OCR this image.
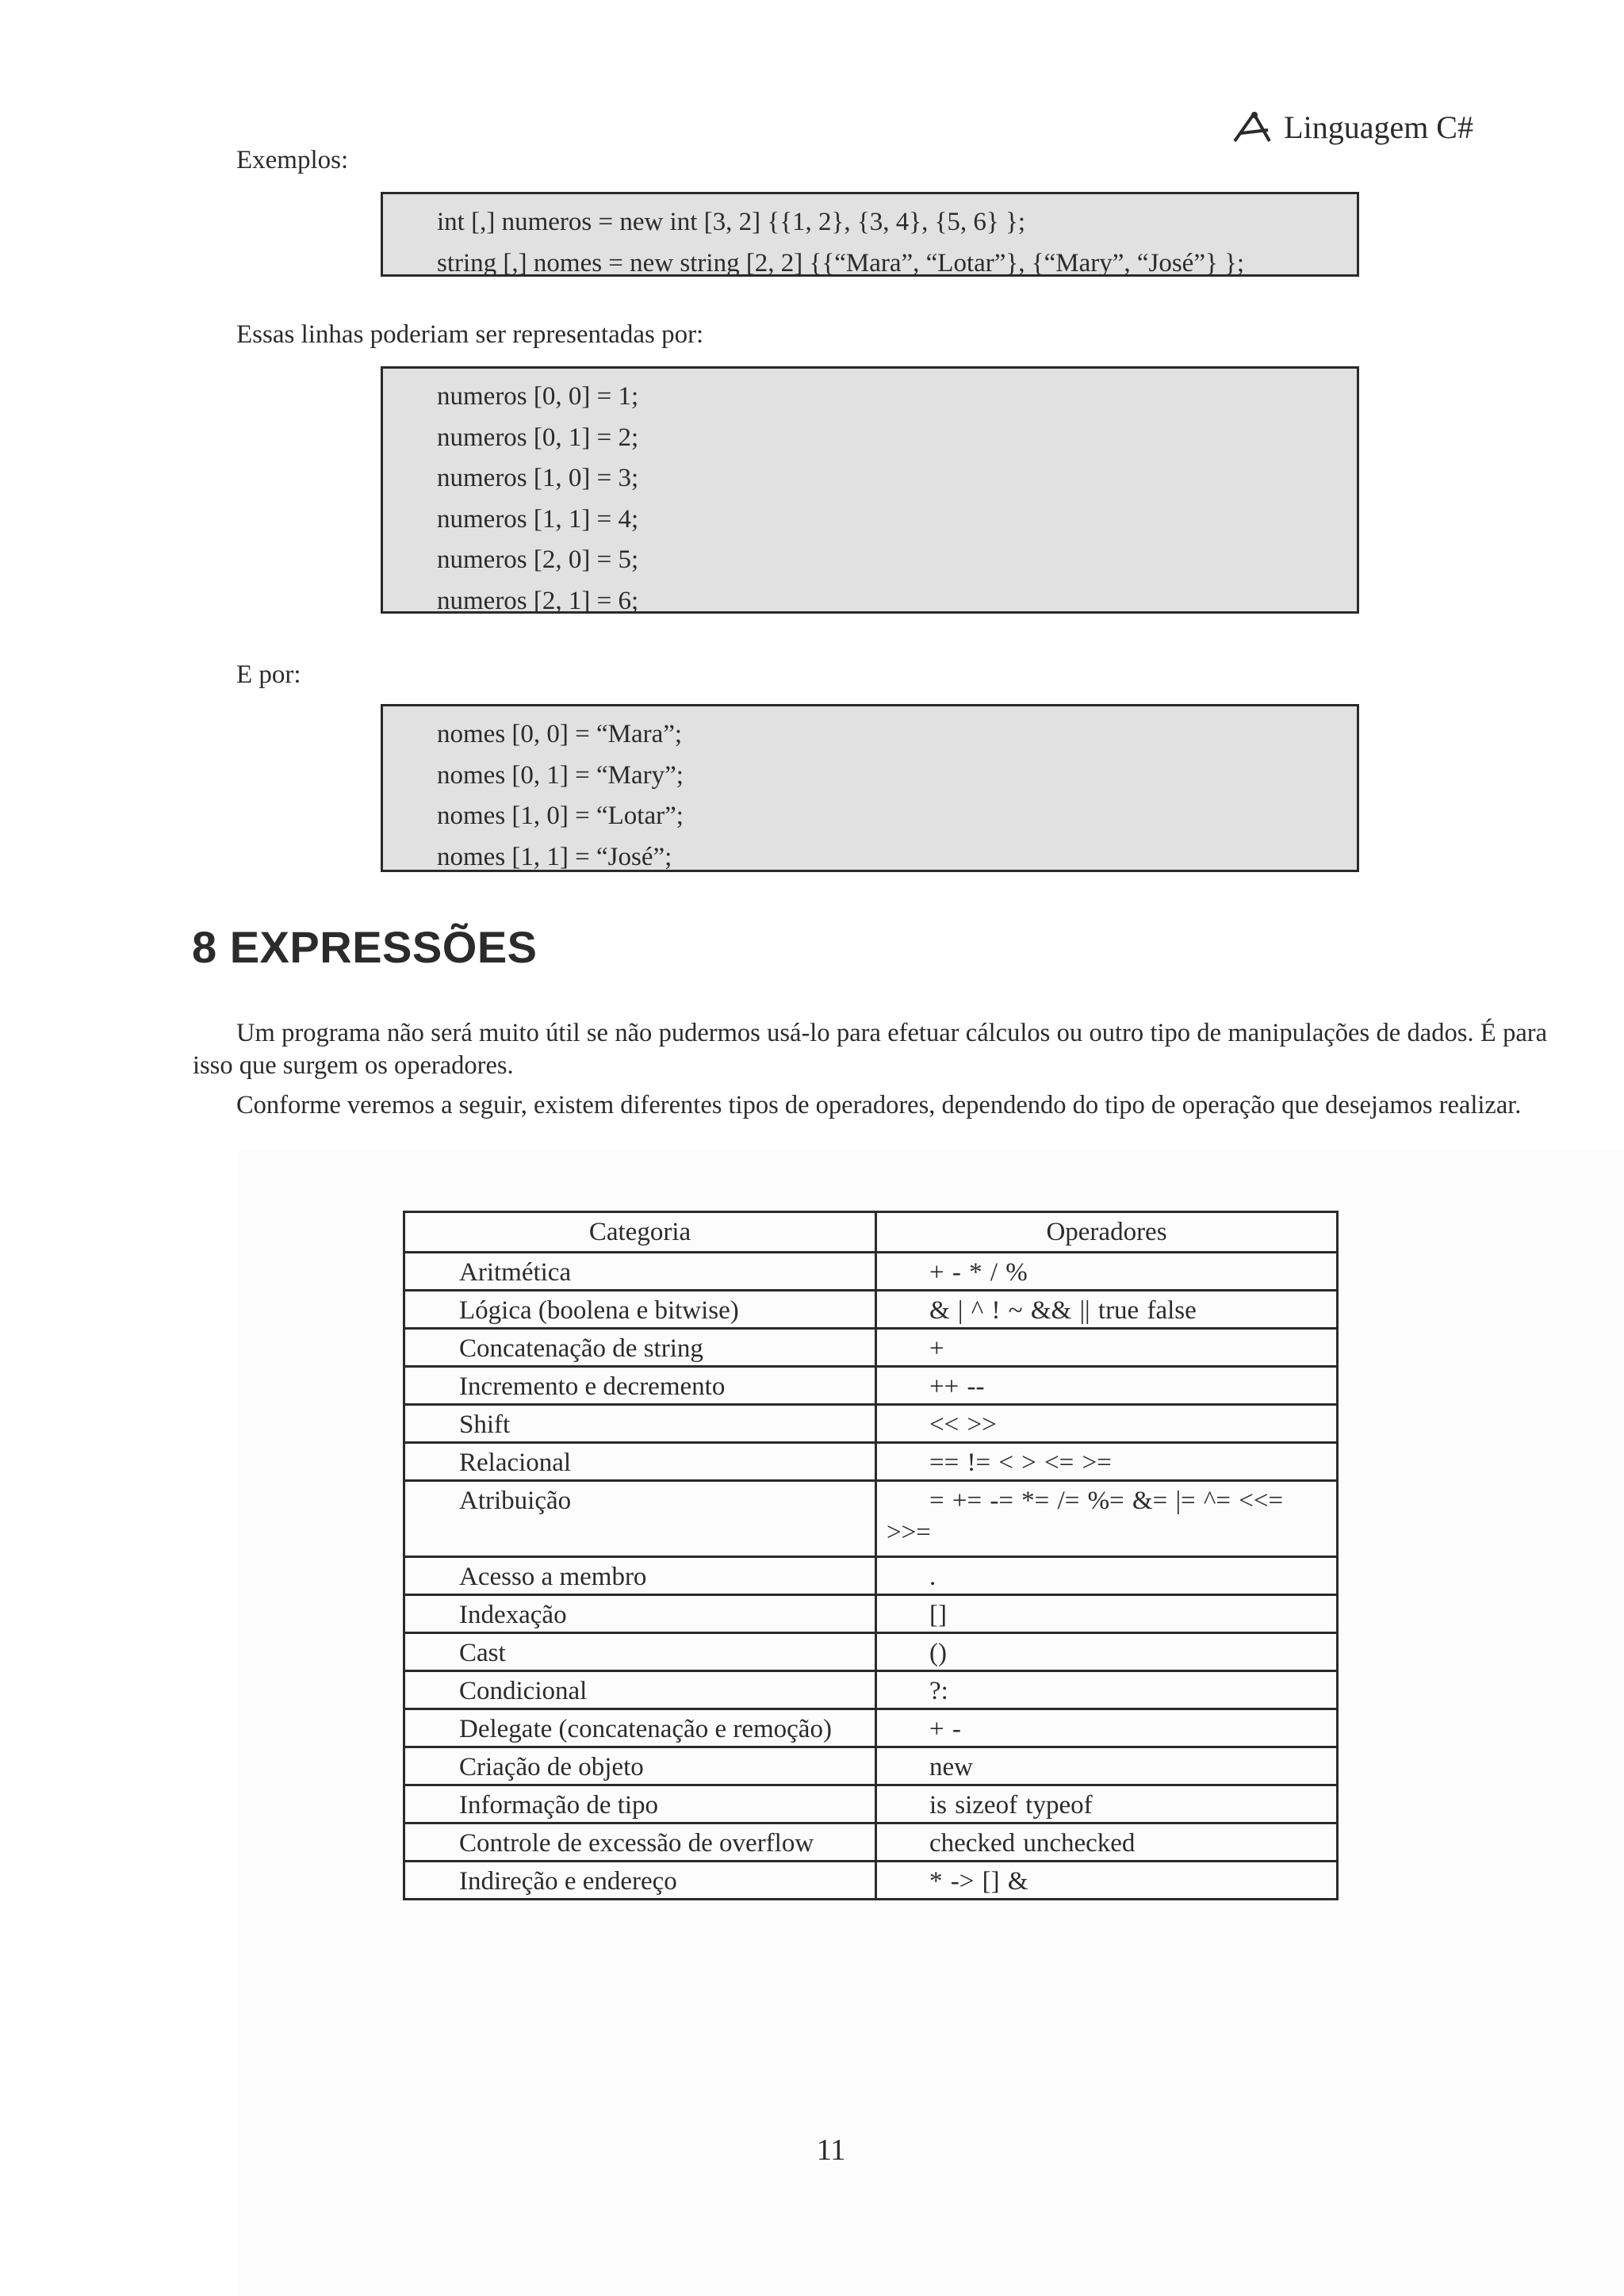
Linguagem C#
Exemplos:
int [,] numeros = new int [3, 2] {{1, 2}, {3, 4}, {5, 6} };
string [,] nomes = new string [2, 2] {{“Mara”, “Lotar”}, {“Mary”, “José”} };
Essas linhas poderiam ser representadas por:
numeros [0, 0] = 1;
numeros [0, 1] = 2;
numeros [1, 0] = 3;
numeros [1, 1] = 4;
numeros [2, 0] = 5;
numeros [2, 1] = 6;
E por:
nomes [0, 0] = “Mara”;
nomes [0, 1] = “Mary”;
nomes [1, 0] = “Lotar”;
nomes [1, 1] = “José”;
8 EXPRESSÕES

Um programa não será muito útil se não pudermos usá-lo para efetuar cálculos ou outro tipo de manipulações de dados. É para isso que surgem os operadores.

Conforme veremos a seguir, existem diferentes tipos de operadores, dependendo do tipo de operação que desejamos realizar.

Categoria	Operadores
Aritmética	+ - * / %
Lógica (boolena e bitwise)	& | ^ ! ~ && || true false
Concatenação de string	+
Incremento e decremento	++ --
Shift	<< >>
Relacional	== != < > <= >=
Atribuição	= += -= *= /= %= &= |= ^= <<=
>>=
Acesso a membro	.
Indexação	[]
Cast	()
Condicional	?:
Delegate (concatenação e remoção)	+ -
Criação de objeto	new
Informação de tipo	is sizeof typeof
Controle de excessão de overflow	checked unchecked
Indireção e endereço	* -> [] &
11
